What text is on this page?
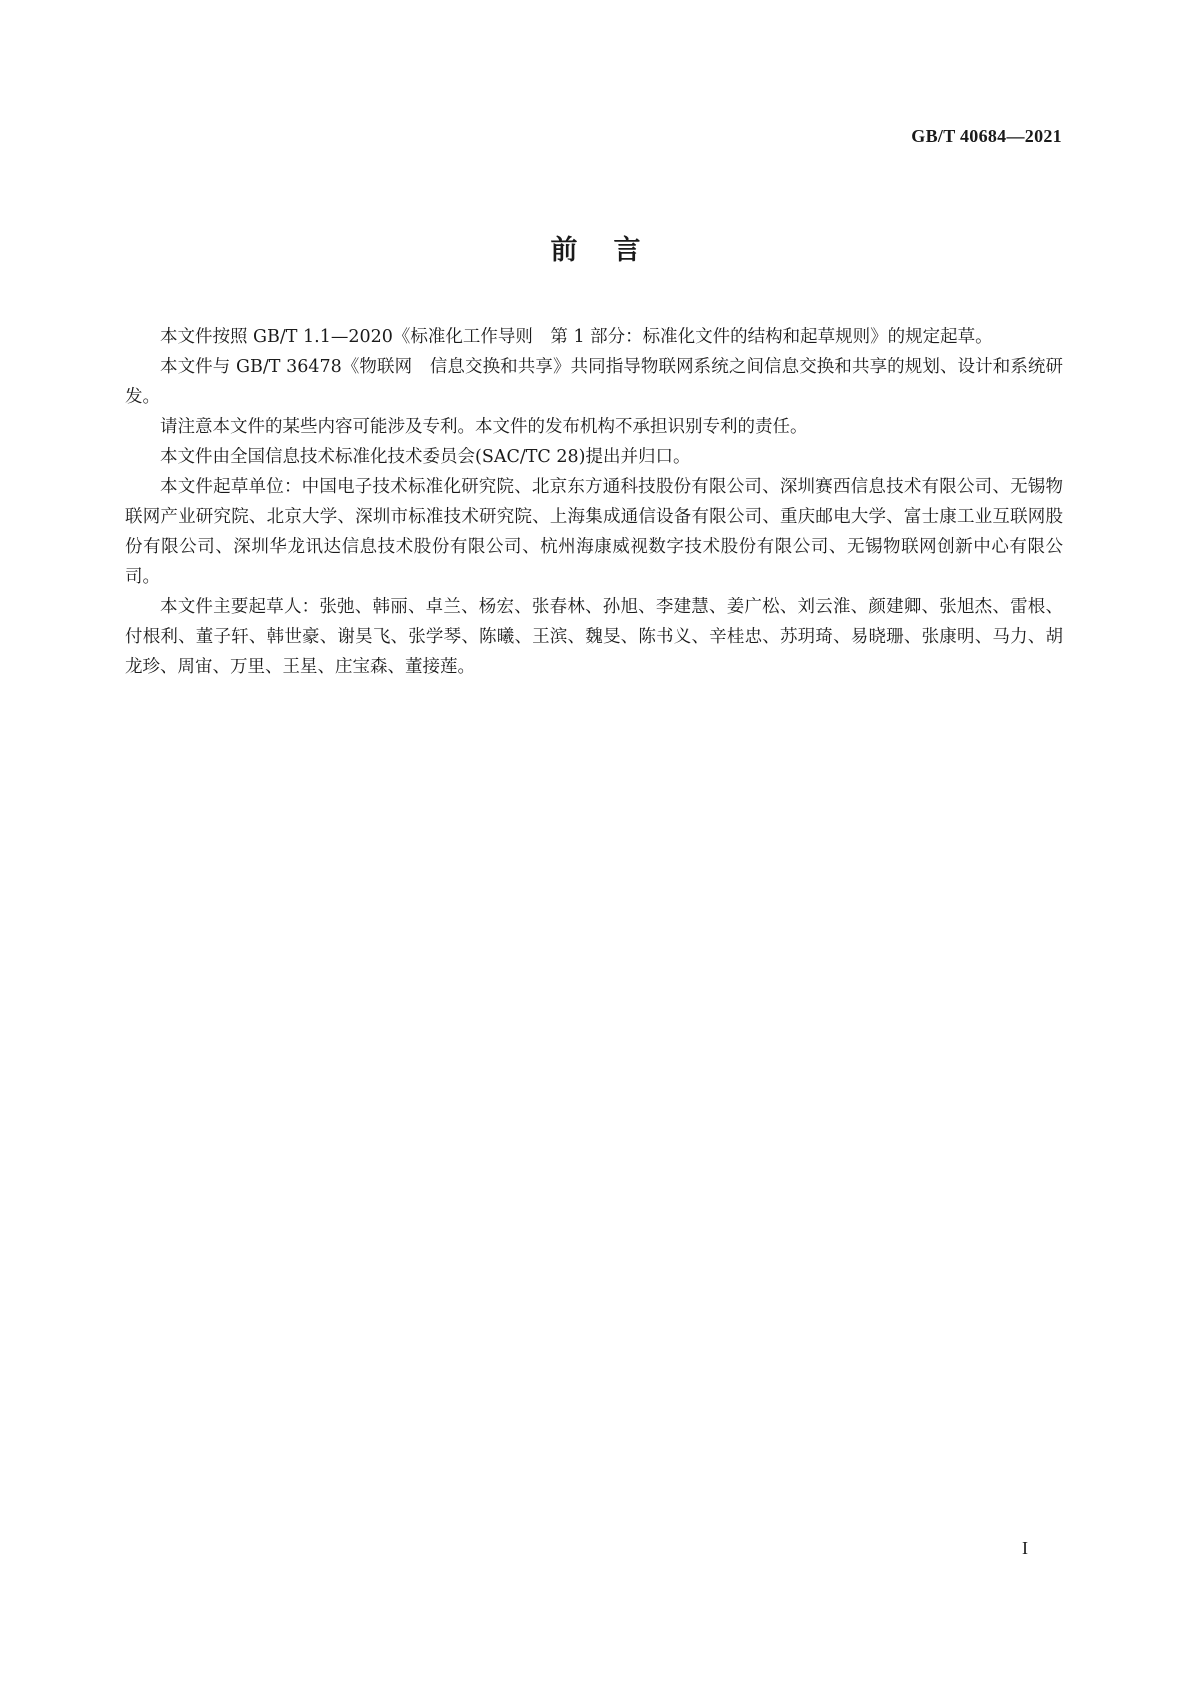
GB/T 40684—2021
前言

本文件按照 GB/T 1.1—2020《标准化工作导则　第 1 部分：标准化文件的结构和起草规则》的规定起草。

本文件与 GB/T 36478《物联网　信息交换和共享》共同指导物联网系统之间信息交换和共享的规划、设计和系统研发。

请注意本文件的某些内容可能涉及专利。本文件的发布机构不承担识别专利的责任。

本文件由全国信息技术标准化技术委员会(SAC/TC 28)提出并归口。

本文件起草单位：中国电子技术标准化研究院、北京东方通科技股份有限公司、深圳赛西信息技术有限公司、无锡物联网产业研究院、北京大学、深圳市标准技术研究院、上海集成通信设备有限公司、重庆邮电大学、富士康工业互联网股份有限公司、深圳华龙讯达信息技术股份有限公司、杭州海康威视数字技术股份有限公司、无锡物联网创新中心有限公司。

本文件主要起草人：张弛、韩丽、卓兰、杨宏、张春林、孙旭、李建慧、姜广松、刘云淮、颜建卿、张旭杰、雷根、付根利、董子轩、韩世豪、谢昊飞、张学琴、陈曦、王滨、魏旻、陈书义、辛桂忠、苏玥琦、易晓珊、张康明、马力、胡龙珍、周宙、万里、王星、庄宝森、董接莲。

I
